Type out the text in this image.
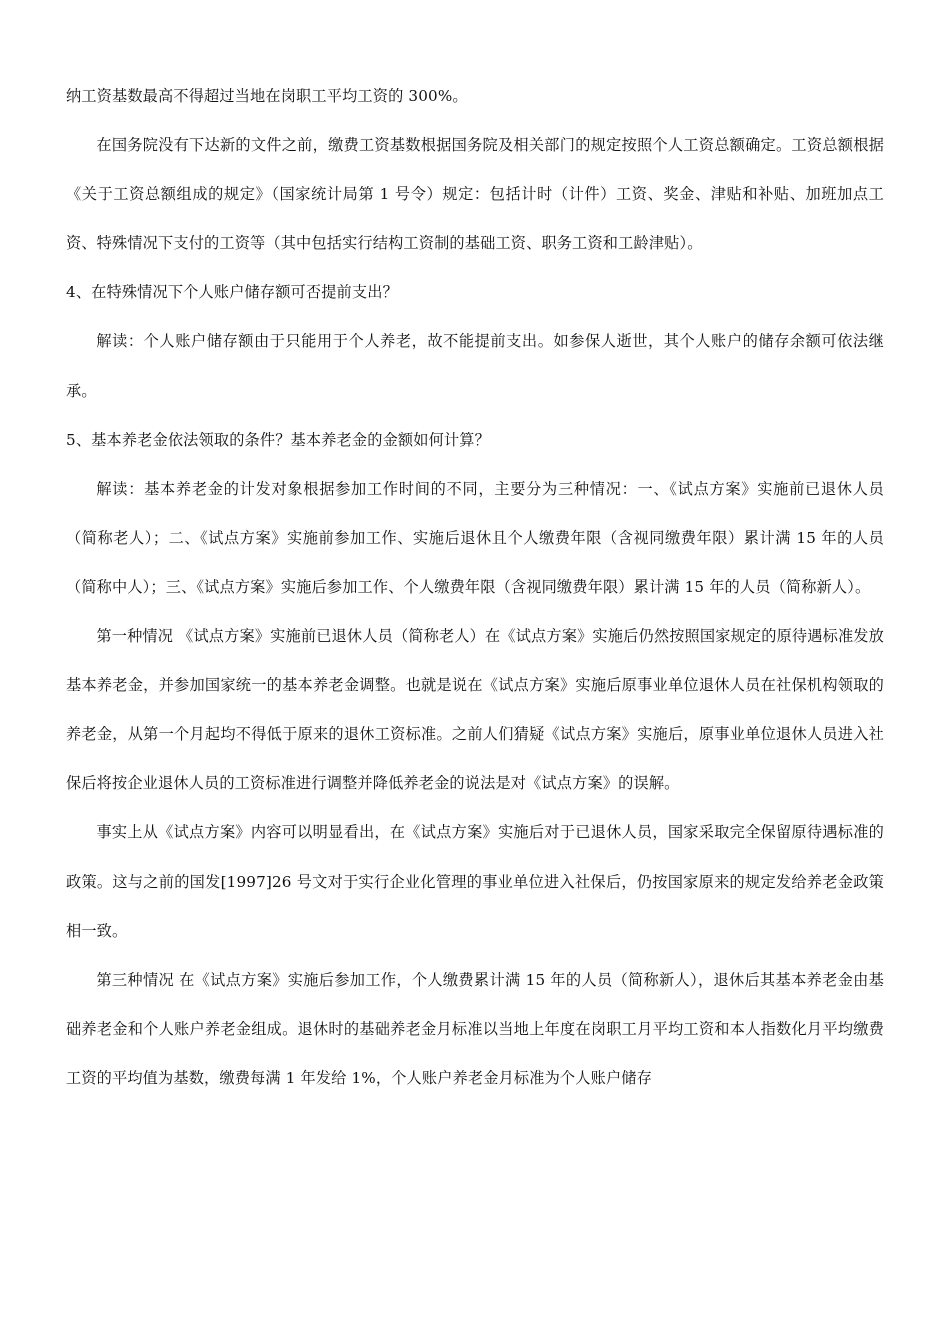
纳工资基数最高不得超过当地在岗职工平均工资的 300%。

在国务院没有下达新的文件之前，缴费工资基数根据国务院及相关部门的规定按照个人工资总额确定。工资总额根据《关于工资总额组成的规定》（国家统计局第 1 号令）规定：包括计时（计件）工资、奖金、津贴和补贴、加班加点工资、特殊情况下支付的工资等（其中包括实行结构工资制的基础工资、职务工资和工龄津贴）。

4、在特殊情况下个人账户储存额可否提前支出？

解读：个人账户储存额由于只能用于个人养老，故不能提前支出。如参保人逝世，其个人账户的储存余额可依法继承。

5、基本养老金依法领取的条件？基本养老金的金额如何计算？

解读：基本养老金的计发对象根据参加工作时间的不同，主要分为三种情况：一、《试点方案》实施前已退休人员（简称老人）；二、《试点方案》实施前参加工作、实施后退休且个人缴费年限（含视同缴费年限）累计满 15 年的人员（简称中人）；三、《试点方案》实施后参加工作、个人缴费年限（含视同缴费年限）累计满 15 年的人员（简称新人）。

第一种情况 《试点方案》实施前已退休人员（简称老人）在《试点方案》实施后仍然按照国家规定的原待遇标准发放基本养老金，并参加国家统一的基本养老金调整。也就是说在《试点方案》实施后原事业单位退休人员在社保机构领取的养老金，从第一个月起均不得低于原来的退休工资标准。之前人们猜疑《试点方案》实施后，原事业单位退休人员进入社保后将按企业退休人员的工资标准进行调整并降低养老金的说法是对《试点方案》的误解。

事实上从《试点方案》内容可以明显看出，在《试点方案》实施后对于已退休人员，国家采取完全保留原待遇标准的政策。这与之前的国发[1997]26 号文对于实行企业化管理的事业单位进入社保后，仍按国家原来的规定发给养老金政策相一致。

第三种情况 在《试点方案》实施后参加工作，个人缴费累计满 15 年的人员（简称新人），退休后其基本养老金由基础养老金和个人账户养老金组成。退休时的基础养老金月标准以当地上年度在岗职工月平均工资和本人指数化月平均缴费工资的平均值为基数，缴费每满 1 年发给 1%，个人账户养老金月标准为个人账户储存
